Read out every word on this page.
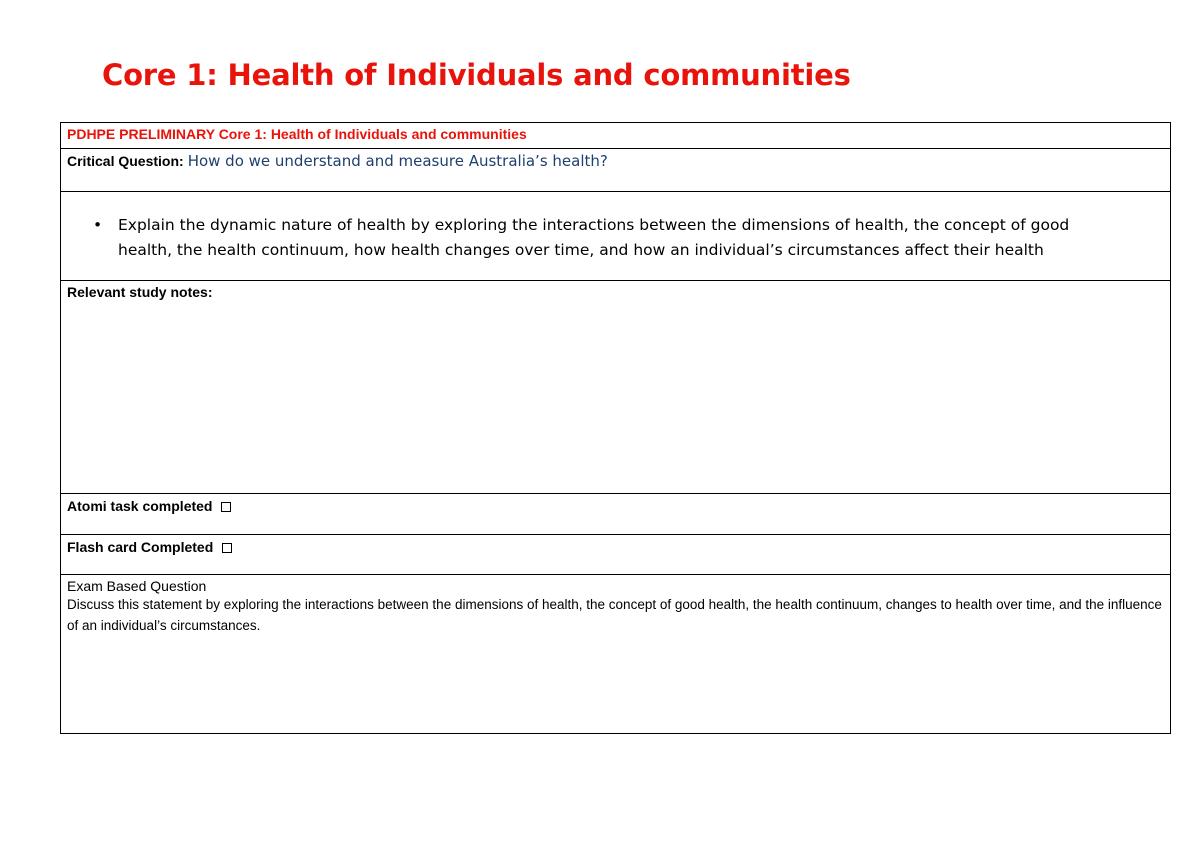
Core 1: Health of Individuals and communities
PDHPE PRELIMINARY Core 1: Health of Individuals and communities
Critical Question: How do we understand and measure Australia’s health?
• Explain the dynamic nature of health by exploring the interactions between the dimensions of health, the concept of good health, the health continuum, how health changes over time, and how an individual’s circumstances affect their health
Relevant study notes:
Atomi task completed
Flash card Completed
Exam Based Question
Discuss this statement by exploring the interactions between the dimensions of health, the concept of good health, the health continuum, changes to health over time, and the influence of an individual’s circumstances.
